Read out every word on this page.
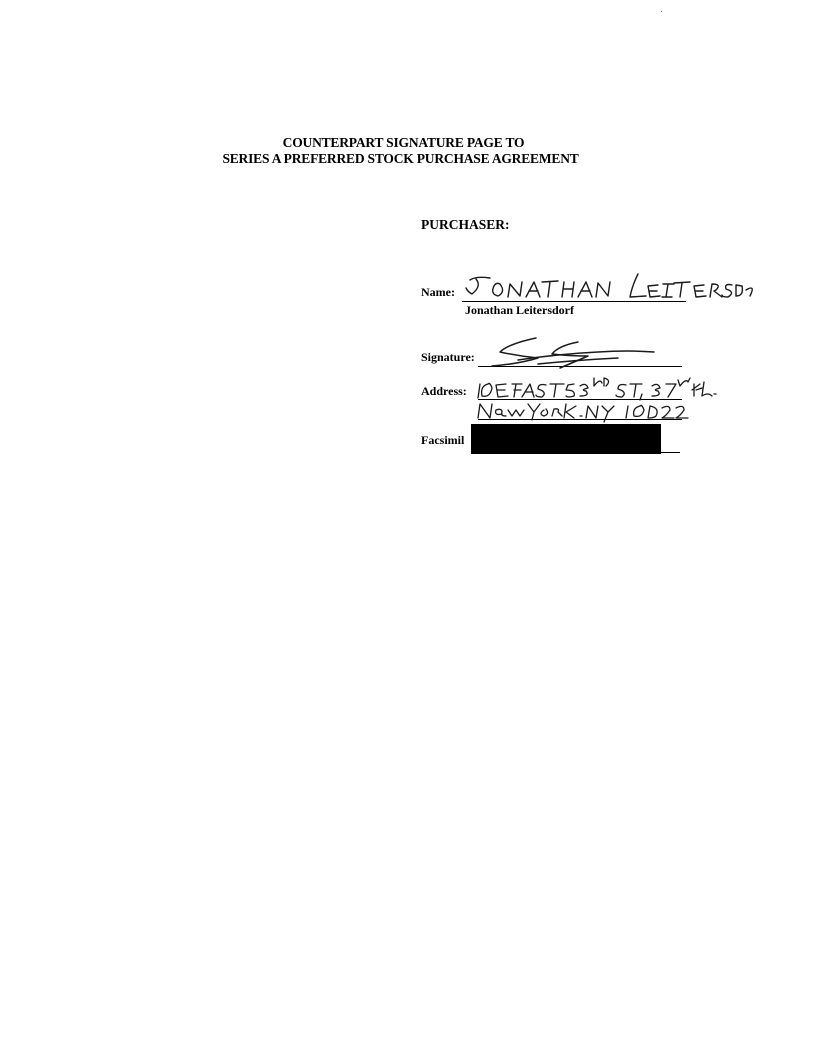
COUNTERPART SIGNATURE PAGE TO
SERIES A PREFERRED STOCK PURCHASE AGREEMENT
PURCHASER:
Name:
Jonathan Leitersdorf
Signature:
Address:
Facsimil
